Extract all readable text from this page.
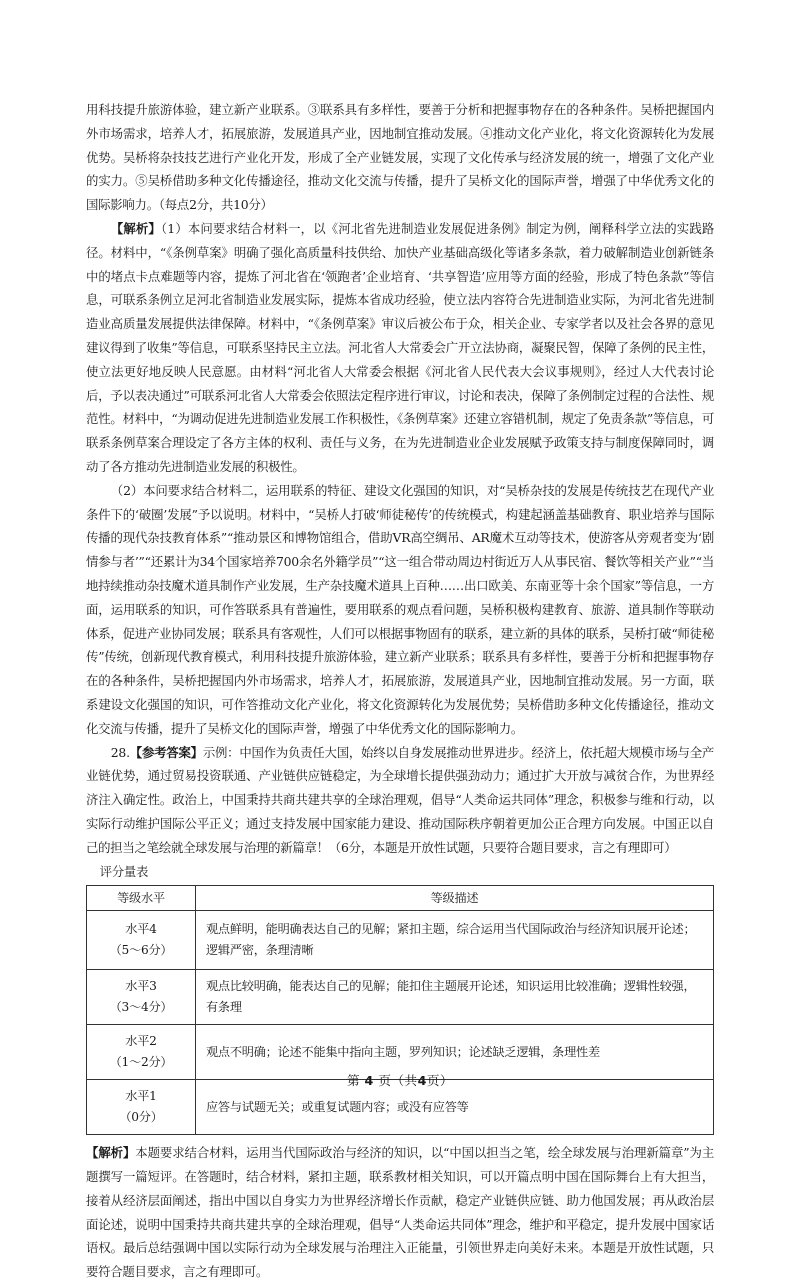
用科技提升旅游体验，建立新产业联系。③联系具有多样性，要善于分析和把握事物存在的各种条件。吴桥把握国内外市场需求，培养人才，拓展旅游，发展道具产业，因地制宜推动发展。④推动文化产业化，将文化资源转化为发展优势。吴桥将杂技技艺进行产业化开发，形成了全产业链发展，实现了文化传承与经济发展的统一，增强了文化产业的实力。⑤吴桥借助多种文化传播途径，推动文化交流与传播，提升了吴桥文化的国际声誉，增强了中华优秀文化的国际影响力。（每点2分，共10分）

【解析】（1）本问要求结合材料一，以《河北省先进制造业发展促进条例》制定为例，阐释科学立法的实践路径。材料中，“《条例草案》明确了强化高质量科技供给、加快产业基础高级化等诸多条款，着力破解制造业创新链条中的堵点卡点难题等内容，提炼了河北省在‘领跑者’企业培育、‘共享智造’应用等方面的经验，形成了特色条款”等信息，可联系条例立足河北省制造业发展实际，提炼本省成功经验，使立法内容符合先进制造业实际，为河北省先进制造业高质量发展提供法律保障。材料中，“《条例草案》审议后被公布于众，相关企业、专家学者以及社会各界的意见建议得到了收集”等信息，可联系坚持民主立法。河北省人大常委会广开立法协商，凝聚民智，保障了条例的民主性，使立法更好地反映人民意愿。由材料“河北省人大常委会根据《河北省人民代表大会议事规则》，经过人大代表讨论后，予以表决通过”可联系河北省人大常委会依照法定程序进行审议，讨论和表决，保障了条例制定过程的合法性、规范性。材料中，“为调动促进先进制造业发展工作积极性，《条例草案》还建立容错机制，规定了免责条款”等信息，可联系条例草案合理设定了各方主体的权利、责任与义务，在为先进制造业企业发展赋予政策支持与制度保障同时，调动了各方推动先进制造业发展的积极性。

（2）本问要求结合材料二，运用联系的特征、建设文化强国的知识，对“吴桥杂技的发展是传统技艺在现代产业条件下的‘破圈’发展”予以说明。材料中，“吴桥人打破‘师徒秘传’的传统模式，构建起涵盖基础教育、职业培养与国际传播的现代杂技教育体系”“推动景区和博物馆组合，借助VR高空绸吊、AR魔术互动等技术，使游客从旁观者变为‘剧情参与者’”“还累计为34个国家培养700余名外籍学员”“这一组合带动周边村街近万人从事民宿、餐饮等相关产业”“当地持续推动杂技魔术道具制作产业发展，生产杂技魔术道具上百种……出口欧美、东南亚等十余个国家”等信息，一方面，运用联系的知识，可作答联系具有普遍性，要用联系的观点看问题，吴桥积极构建教育、旅游、道具制作等联动体系，促进产业协同发展；联系具有客观性，人们可以根据事物固有的联系，建立新的具体的联系，吴桥打破“师徒秘传”传统，创新现代教育模式，利用科技提升旅游体验，建立新产业联系；联系具有多样性，要善于分析和把握事物存在的各种条件，吴桥把握国内外市场需求，培养人才，拓展旅游，发展道具产业，因地制宜推动发展。另一方面，联系建设文化强国的知识，可作答推动文化产业化，将文化资源转化为发展优势；吴桥借助多种文化传播途径，推动文化交流与传播，提升了吴桥文化的国际声誉，增强了中华优秀文化的国际影响力。

28.【参考答案】示例：中国作为负责任大国，始终以自身发展推动世界进步。经济上，依托超大规模市场与全产业链优势，通过贸易投资联通、产业链供应链稳定，为全球增长提供强劲动力；通过扩大开放与减贫合作，为世界经济注入确定性。政治上，中国秉持共商共建共享的全球治理观，倡导“人类命运共同体”理念，积极参与维和行动，以实际行动维护国际公平正义；通过支持发展中国家能力建设、推动国际秩序朝着更加公正合理方向发展。中国正以自己的担当之笔绘就全球发展与治理的新篇章！（6分，本题是开放性试题，只要符合题目要求，言之有理即可）

评分量表

等级水平	等级描述

水平4
（5～6分）	观点鲜明，能明确表达自己的见解；紧扣主题，综合运用当代国际政治与经济知识展开论述；逻辑严密，条理清晰

水平3
（3～4分）	观点比较明确，能表达自己的见解；能扣住主题展开论述，知识运用比较准确；逻辑性较强，有条理

水平2
（1～2分）	观点不明确；论述不能集中指向主题，罗列知识；论述缺乏逻辑，条理性差

水平1
（0分）	应答与试题无关；或重复试题内容；或没有应答等

【解析】本题要求结合材料，运用当代国际政治与经济的知识，以“中国以担当之笔，绘全球发展与治理新篇章”为主题撰写一篇短评。在答题时，结合材料，紧扣主题，联系教材相关知识，可以开篇点明中国在国际舞台上有大担当，接着从经济层面阐述，指出中国以自身实力为世界经济增长作贡献，稳定产业链供应链、助力他国发展；再从政治层面论述，说明中国秉持共商共建共享的全球治理观，倡导“人类命运共同体”理念，维护和平稳定，提升发展中国家话语权。最后总结强调中国以实际行动为全球发展与治理注入正能量，引领世界走向美好未来。本题是开放性试题，只要符合题目要求，言之有理即可。

第 4 页（共4页）
